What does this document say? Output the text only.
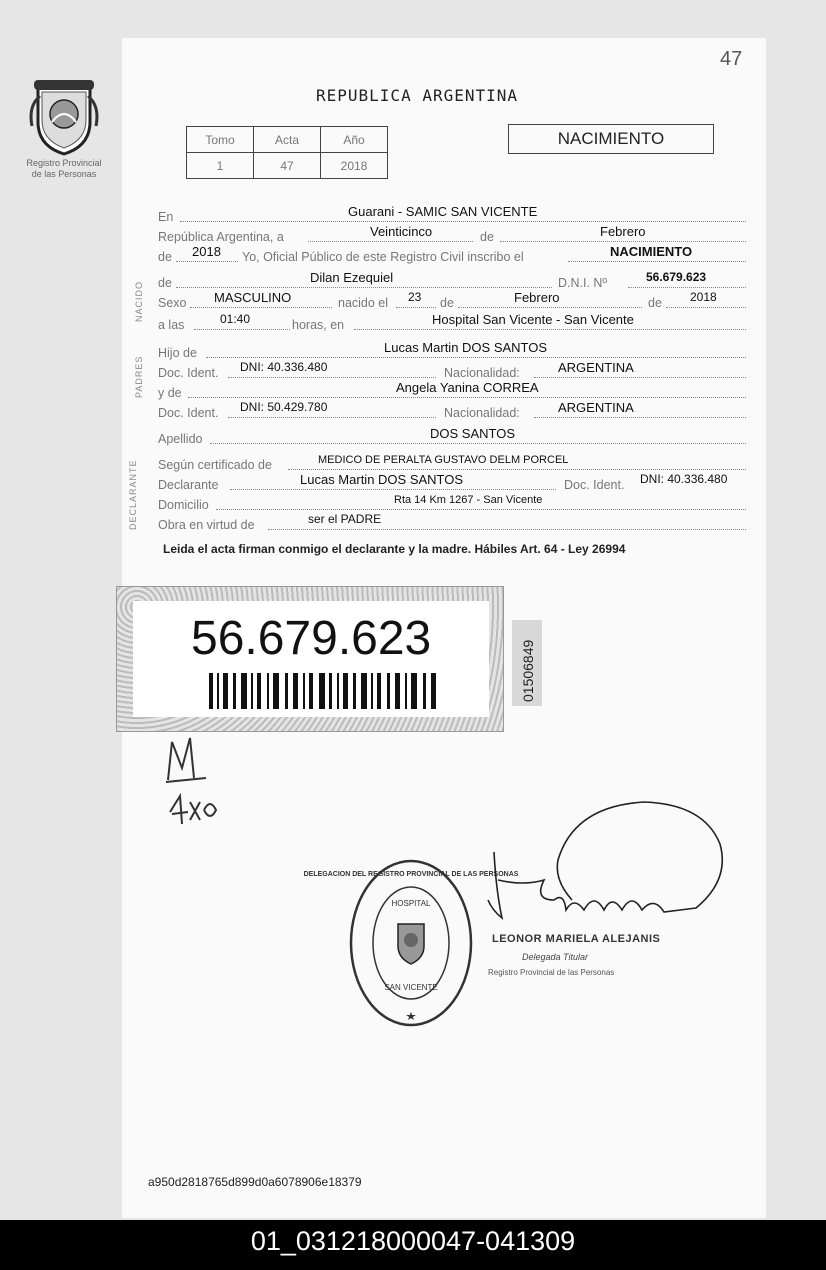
47
Registro Provincial
de las Personas
REPUBLICA ARGENTINA
Tomo	Acta	Año
1	47	2018
NACIMIENTO
NACIDO
PADRES
DECLARANTE
En	Guarani - SAMIC SAN VICENTE
República Argentina, a	Veinticinco	de	Febrero
de 2018 Yo, Oficial Público de este Registro Civil inscribo el	NACIMIENTO
de	Dilan Ezequiel	D.N.I. Nº	56.679.623
Sexo MASCULINO	nacido el 23 de	Febrero	de 2018
a las	01:40	horas, en	Hospital San Vicente - San Vicente
Hijo de	Lucas Martin DOS SANTOS
Doc. Ident. DNI: 40.336.480	Nacionalidad:	ARGENTINA
y de	Angela Yanina CORREA
Doc. Ident. DNI: 50.429.780	Nacionalidad:	ARGENTINA
Apellido	DOS SANTOS
Según certificado de	MEDICO DE PERALTA GUSTAVO DELM PORCEL
Declarante	Lucas Martin DOS SANTOS	Doc. Ident. DNI: 40.336.480
Domicilio	Rta 14 Km 1267 - San Vicente
Obra en virtud de	ser el PADRE
Leida el acta firman conmigo el declarante y la madre. Hábiles Art. 64 - Ley 26994
56.679.623
01506849
DELEGACION DEL REGISTRO PROVINCIAL DE LAS PERSONAS
HOSPITAL
SAN VICENTE
LEONOR MARIELA ALEJANIS
Delegada Titular
Registro Provincial de las Personas
a950d2818765d899d0a6078906e18379
01_031218000047-041309
